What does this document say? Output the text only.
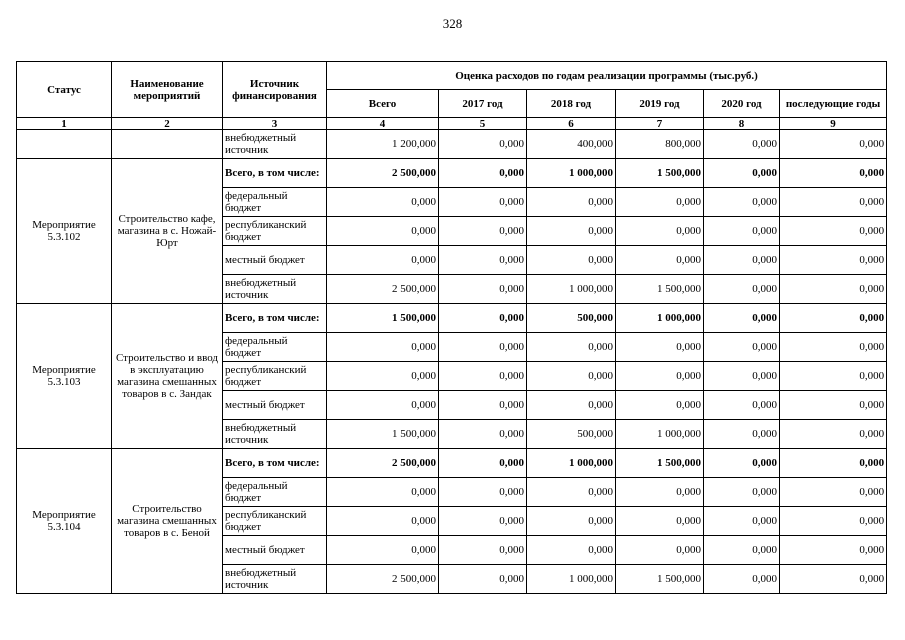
328
Статус	Наименование мероприятий	Источник финансирования	Оценка расходов по годам реализации программы (тыс.руб.)					
			Всего	2017 год	2018 год	2019 год	2020 год	последующие годы
1	2	3	4	5	6	7	8	9
		внебюджетный источник	1 200,000	0,000	400,000	800,000	0,000	0,000
Мероприятие 5.3.102	Строительство кафе, магазина в с. Ножай-Юрт	Всего, в том числе:	2 500,000	0,000	1 000,000	1 500,000	0,000	0,000
		федеральный бюджет	0,000	0,000	0,000	0,000	0,000	0,000
		республиканский бюджет	0,000	0,000	0,000	0,000	0,000	0,000
		местный бюджет	0,000	0,000	0,000	0,000	0,000	0,000
		внебюджетный источник	2 500,000	0,000	1 000,000	1 500,000	0,000	0,000
Мероприятие 5.3.103	Строительство и ввод в эксплуатацию магазина смешанных товаров в с. Зандак	Всего, в том числе:	1 500,000	0,000	500,000	1 000,000	0,000	0,000
		федеральный бюджет	0,000	0,000	0,000	0,000	0,000	0,000
		республиканский бюджет	0,000	0,000	0,000	0,000	0,000	0,000
		местный бюджет	0,000	0,000	0,000	0,000	0,000	0,000
		внебюджетный источник	1 500,000	0,000	500,000	1 000,000	0,000	0,000
Мероприятие 5.3.104	Строительство магазина смешанных товаров в с. Беной	Всего, в том числе:	2 500,000	0,000	1 000,000	1 500,000	0,000	0,000
		федеральный бюджет	0,000	0,000	0,000	0,000	0,000	0,000
		республиканский бюджет	0,000	0,000	0,000	0,000	0,000	0,000
		местный бюджет	0,000	0,000	0,000	0,000	0,000	0,000
		внебюджетный источник	2 500,000	0,000	1 000,000	1 500,000	0,000	0,000
